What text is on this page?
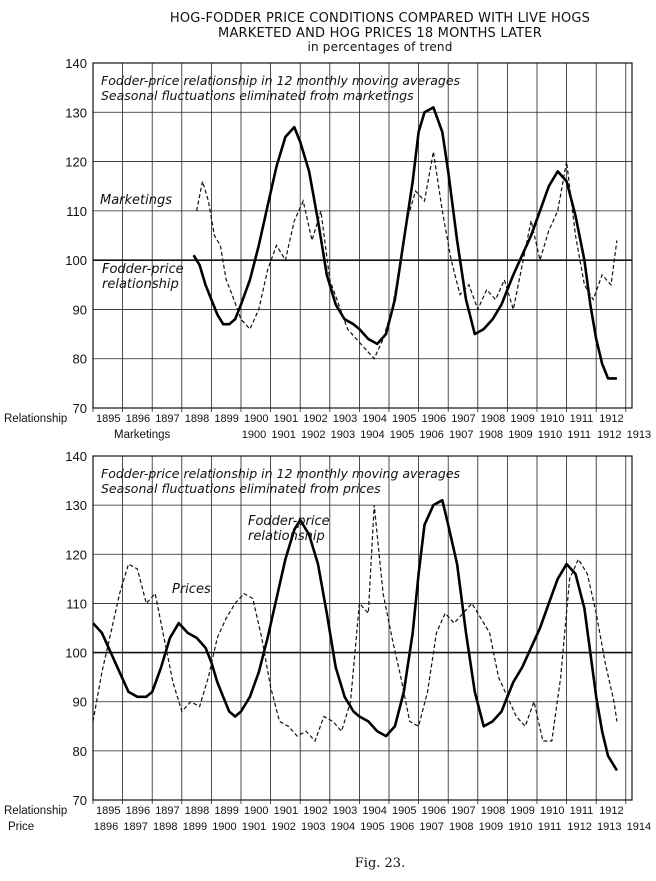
HOG-FODDER PRICE CONDITIONS COMPARED WITH LIVE HOGS
MARKETED AND HOG PRICES 18 MONTHS LATER
in percentages of trend
70
80
90
100
110
120
130
140
Fodder-price relationship in 12 monthly moving averages
Seasonal fluctuations eliminated from marketings
Relationship	1895 1896 1897 1898 1899 1900 1901 1902 1903 1904 1905 1906 1907 1908 1909 1910 1911 1912
Marketings	1900 1901 1902 1903 1904 1905 1906 1907 1908 1909 1910 1911 1912 1913
Fodder-price
relationship
Marketings
70
80
90
100
110
120
130
140
Fodder-price relationship in 12 monthly moving averages
Seasonal fluctuations eliminated from prices
Relationship	1895 1896 1897 1898 1899 1900 1901 1902 1903 1904 1905 1906 1907 1908 1909 1910 1911 1912
Price	1896 1897 1898 1899 1900 1901 1902 1903 1904 1905 1906 1907 1908 1909 1910 1911 1912 1913 1914
Fodder-price
relationship
Prices
Fig. 23.
